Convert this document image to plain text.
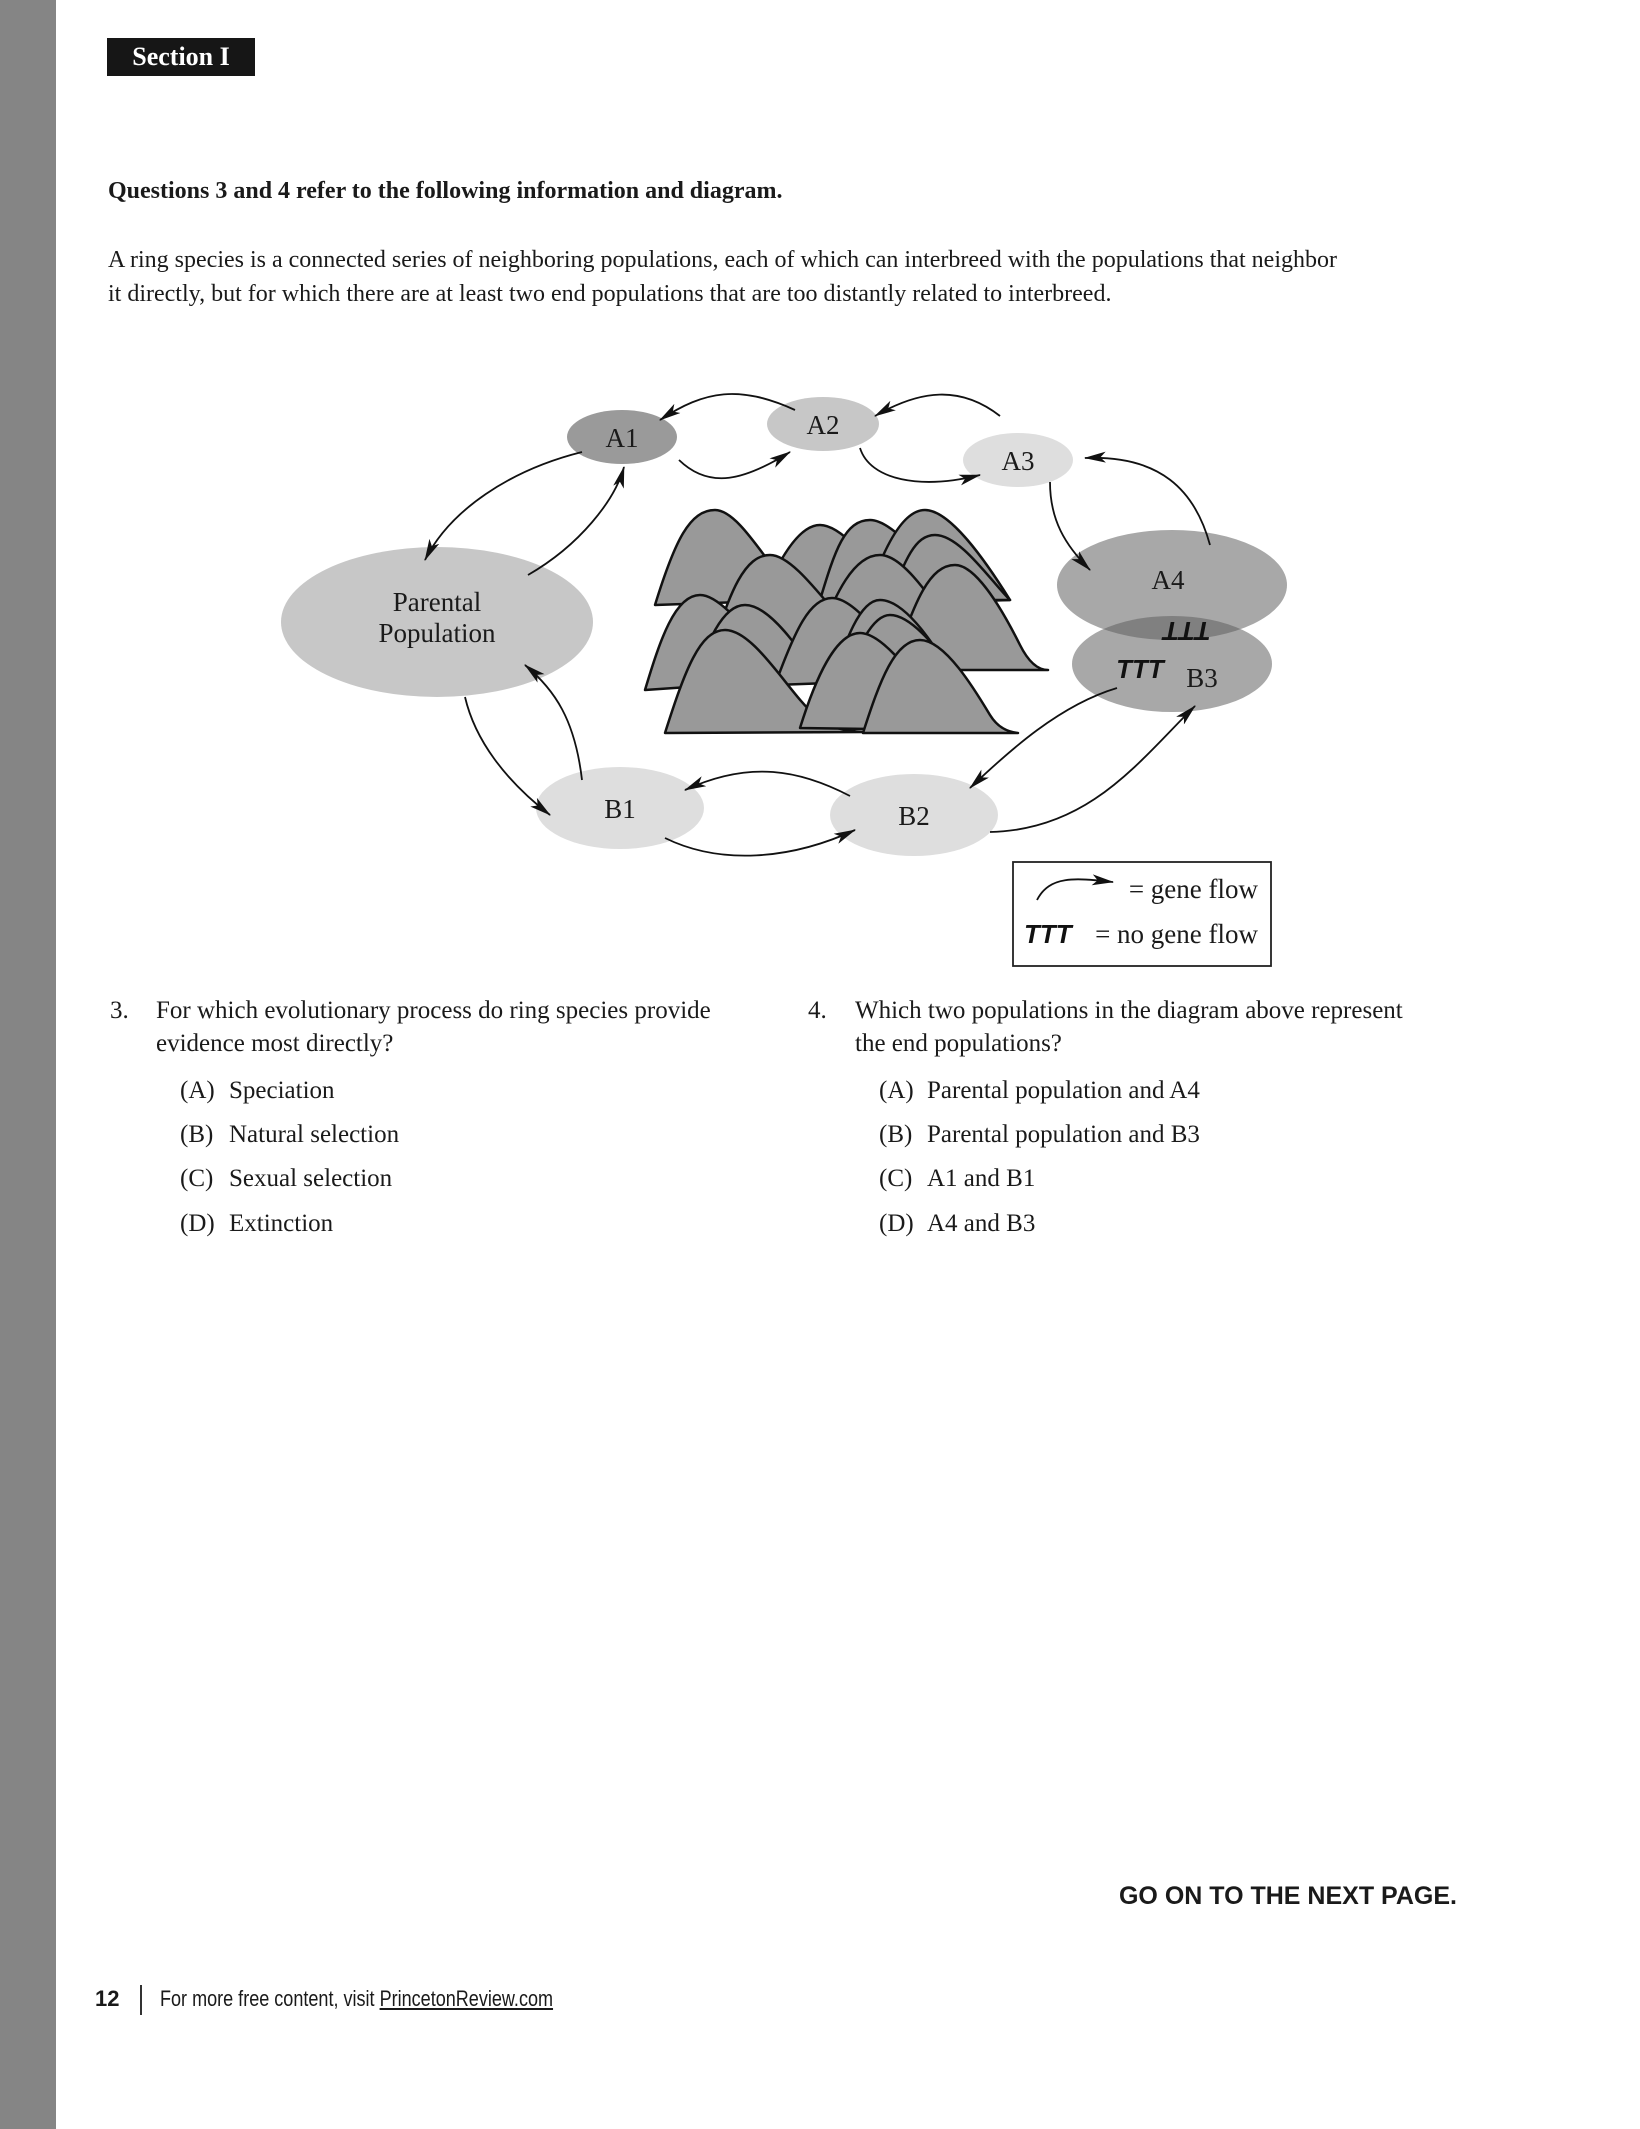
Section I
Questions 3 and 4 refer to the following information and diagram.
A ring species is a connected series of neighboring populations, each of which can interbreed with the populations that neighbor
it directly, but for which there are at least two end populations that are too distantly related to interbreed.
Parental
Population
A1	A2
A3
A4
B3
B1	B2
TTT
TTT
= gene flow
TTT = no gene flow
3. For which evolutionary process do ring species provide
evidence most directly?
(A) Speciation
(B) Natural selection
(C) Sexual selection
(D) Extinction
4. Which two populations in the diagram above represent
the end populations?
(A) Parental population and A4
(B) Parental population and B3
(C) A1 and B1
(D) A4 and B3
GO ON TO THE NEXT PAGE.
12 For more free content, visit PrincetonReview.com
